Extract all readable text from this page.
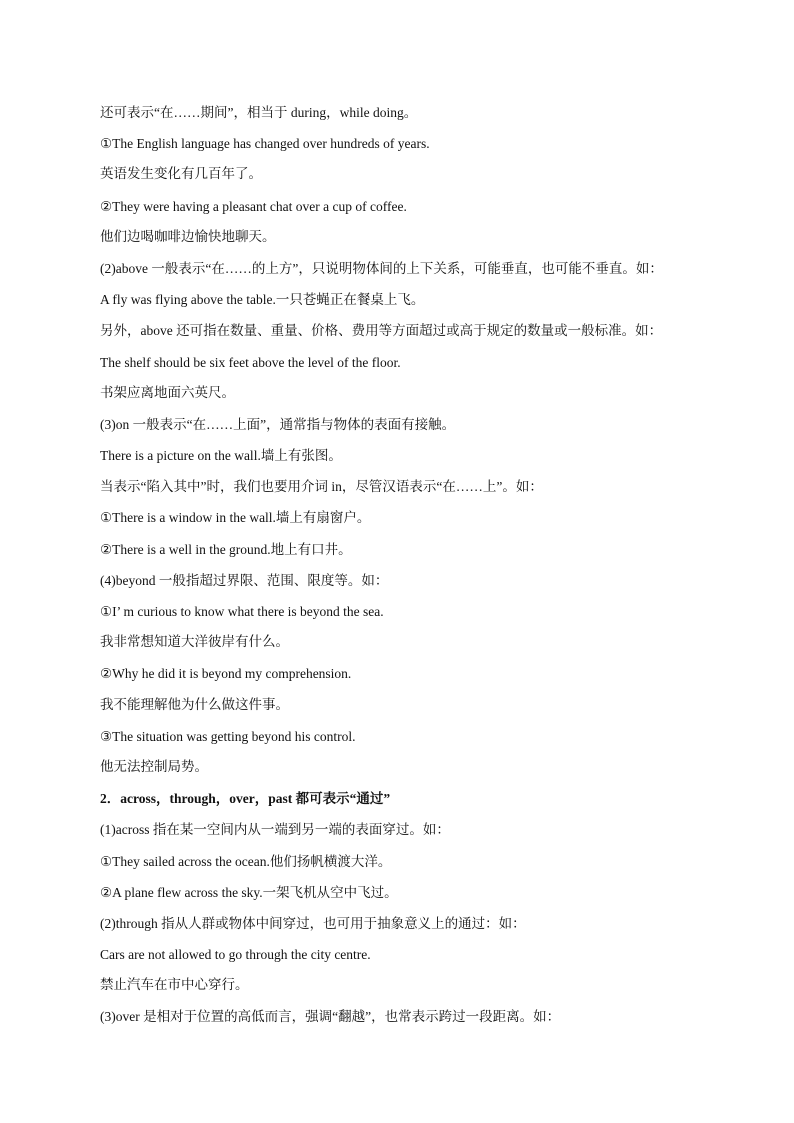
还可表示“在……期间”，相当于 during，while doing。
①The English language has changed over hundreds of years.
英语发生变化有几百年了。
②They were having a pleasant chat over a cup of coffee.
他们边喝咖啡边愉快地聊天。
(2)above 一般表示“在……的上方”，只说明物体间的上下关系，可能垂直，也可能不垂直。如：
A fly was flying above the table.一只苍蝇正在餐桌上飞。
另外，above 还可指在数量、重量、价格、费用等方面超过或高于规定的数量或一般标准。如：
The shelf should be six feet above the level of the floor.
书架应离地面六英尺。
(3)on 一般表示“在……上面”，通常指与物体的表面有接触。
There is a picture on the wall.墙上有张图。
当表示“陷入其中”时，我们也要用介词 in，尽管汉语表示“在……上”。如：
①There is a window in the wall.墙上有扇窗户。
②There is a well in the ground.地上有口井。
(4)beyond 一般指超过界限、范围、限度等。如：
①I’ m curious to know what there is beyond the sea.
我非常想知道大洋彼岸有什么。
②Why he did it is beyond my comprehension.
我不能理解他为什么做这件事。
③The situation was getting beyond his control.
他无法控制局势。
2．across，through，over，past 都可表示“通过”
(1)across 指在某一空间内从一端到另一端的表面穿过。如：
①They sailed across the ocean.他们扬帆横渡大洋。
②A plane flew across the sky.一架飞机从空中飞过。
(2)through 指从人群或物体中间穿过，也可用于抽象意义上的通过：如：
Cars are not allowed to go through the city centre.
禁止汽车在市中心穿行。
(3)over 是相对于位置的高低而言，强调“翻越”，也常表示跨过一段距离。如：
